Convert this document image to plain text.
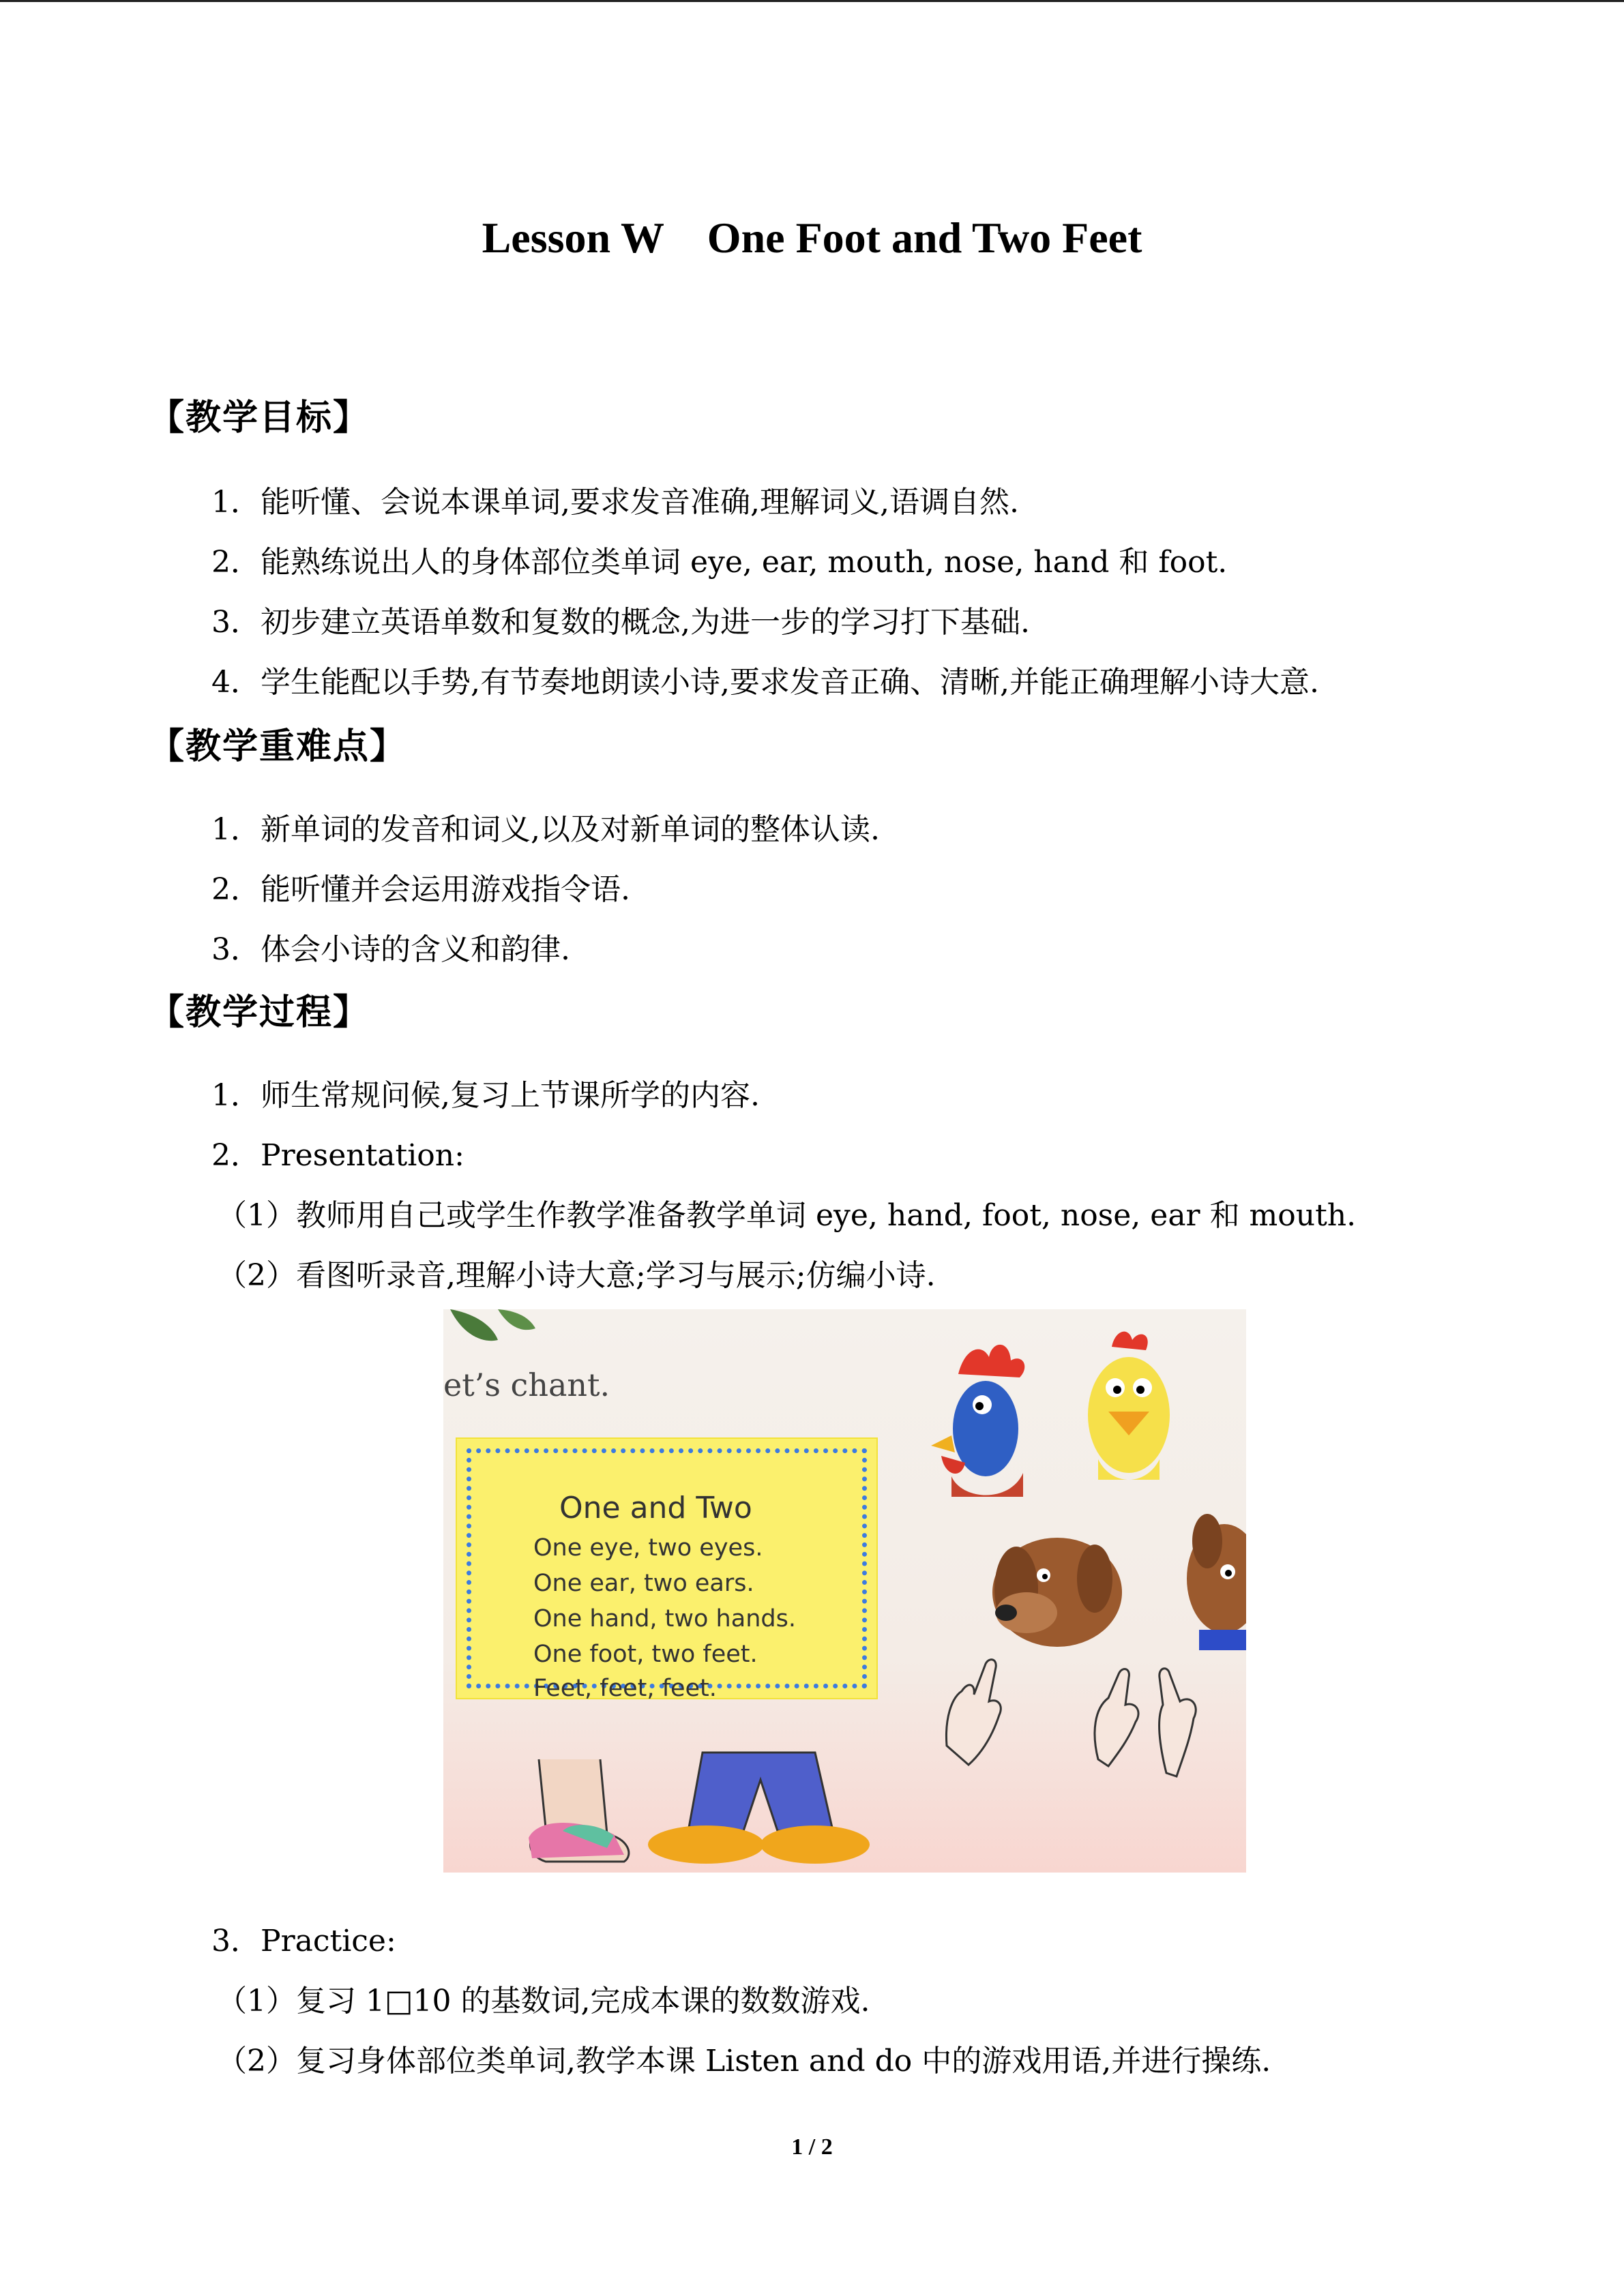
Lesson W    One Foot and Two Feet
【教学目标】
1．能听懂、会说本课单词,要求发音准确,理解词义,语调自然.
2．能熟练说出人的身体部位类单词 eye, ear, mouth, nose, hand 和 foot.
3．初步建立英语单数和复数的概念,为进一步的学习打下基础.
4．学生能配以手势,有节奏地朗读小诗,要求发音正确、清晰,并能正确理解小诗大意.
【教学重难点】
1．新单词的发音和词义,以及对新单词的整体认读.
2．能听懂并会运用游戏指令语.
3．体会小诗的含义和韵律.
【教学过程】
1．师生常规问候,复习上节课所学的内容.
2．Presentation:
（1）教师用自己或学生作教学准备教学单词 eye, hand, foot, nose, ear 和 mouth.
（2）看图听录音,理解小诗大意;学习与展示;仿编小诗.
et’s chant.
One and Two
One eye, two eyes.
One ear, two ears.
One hand, two hands.
One foot, two feet.
Feet, feet, feet.
3．Practice:
（1）复习 1□10 的基数词,完成本课的数数游戏.
（2）复习身体部位类单词,教学本课 Listen and do 中的游戏用语,并进行操练.
1 / 2
